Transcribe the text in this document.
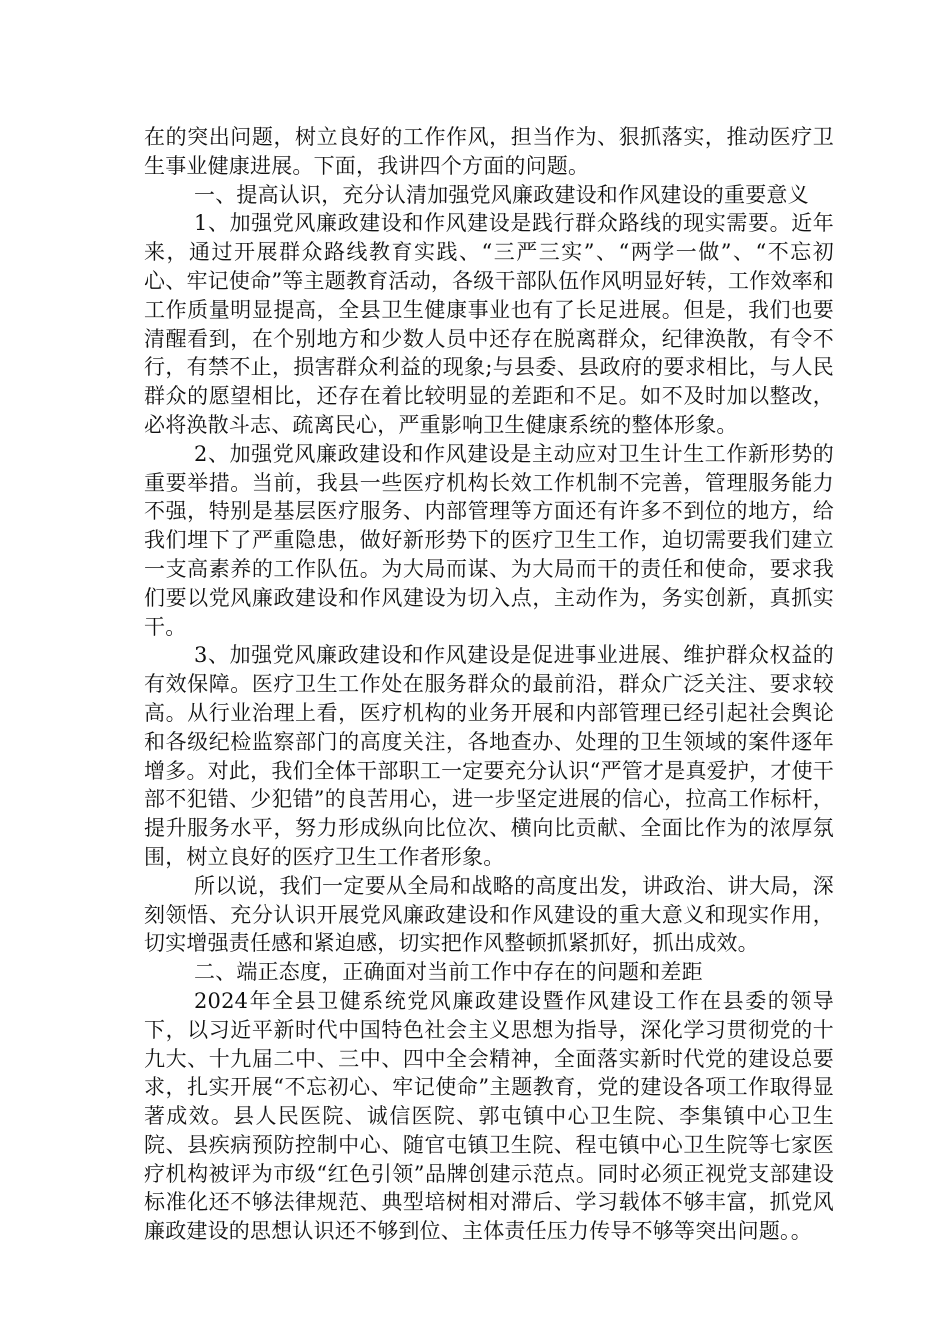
在的突出问题，树立良好的工作作风，担当作为、狠抓落实，推动医疗卫生事业健康进展。下面，我讲四个方面的问题。

一、提高认识，充分认清加强党风廉政建设和作风建设的重要意义

1、加强党风廉政建设和作风建设是践行群众路线的现实需要。近年来，通过开展群众路线教育实践、“三严三实”、“两学一做”、“不忘初心、牢记使命”等主题教育活动，各级干部队伍作风明显好转，工作效率和工作质量明显提高，全县卫生健康事业也有了长足进展。但是，我们也要清醒看到，在个别地方和少数人员中还存在脱离群众，纪律涣散，有令不行，有禁不止，损害群众利益的现象;与县委、县政府的要求相比，与人民群众的愿望相比，还存在着比较明显的差距和不足。如不及时加以整改，必将涣散斗志、疏离民心，严重影响卫生健康系统的整体形象。

2、加强党风廉政建设和作风建设是主动应对卫生计生工作新形势的重要举措。当前，我县一些医疗机构长效工作机制不完善，管理服务能力不强，特别是基层医疗服务、内部管理等方面还有许多不到位的地方，给我们埋下了严重隐患，做好新形势下的医疗卫生工作，迫切需要我们建立一支高素养的工作队伍。为大局而谋、为大局而干的责任和使命，要求我们要以党风廉政建设和作风建设为切入点，主动作为，务实创新，真抓实干。

3、加强党风廉政建设和作风建设是促进事业进展、维护群众权益的有效保障。医疗卫生工作处在服务群众的最前沿，群众广泛关注、要求较高。从行业治理上看，医疗机构的业务开展和内部管理已经引起社会舆论和各级纪检监察部门的高度关注，各地查办、处理的卫生领域的案件逐年增多。对此，我们全体干部职工一定要充分认识“严管才是真爱护，才使干部不犯错、少犯错”的良苦用心，进一步坚定进展的信心，拉高工作标杆，提升服务水平，努力形成纵向比位次、横向比贡献、全面比作为的浓厚氛围，树立良好的医疗卫生工作者形象。

所以说，我们一定要从全局和战略的高度出发，讲政治、讲大局，深刻领悟、充分认识开展党风廉政建设和作风建设的重大意义和现实作用，切实增强责任感和紧迫感，切实把作风整顿抓紧抓好，抓出成效。

二、端正态度，正确面对当前工作中存在的问题和差距

2024年全县卫健系统党风廉政建设暨作风建设工作在县委的领导下，以习近平新时代中国特色社会主义思想为指导，深化学习贯彻党的十九大、十九届二中、三中、四中全会精神，全面落实新时代党的建设总要求，扎实开展“不忘初心、牢记使命”主题教育，党的建设各项工作取得显著成效。县人民医院、诚信医院、郭屯镇中心卫生院、李集镇中心卫生院、县疾病预防控制中心、随官屯镇卫生院、程屯镇中心卫生院等七家医疗机构被评为市级“红色引领”品牌创建示范点。同时必须正视党支部建设标准化还不够法律规范、典型培树相对滞后、学习载体不够丰富，抓党风廉政建设的思想认识还不够到位、主体责任压力传导不够等突出问题。。
